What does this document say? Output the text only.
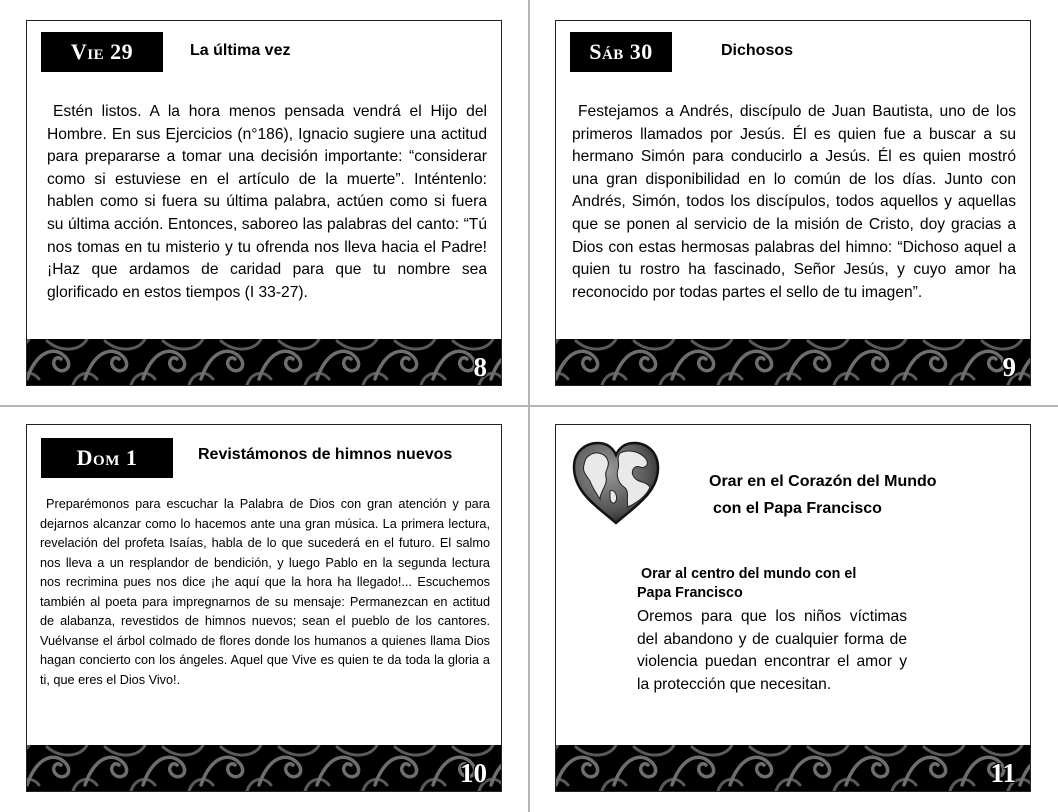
Vie 29	La última vez
Estén listos. A la hora menos pensada vendrá el Hijo del Hombre. En sus Ejercicios (n°186), Ignacio sugiere una actitud para prepararse a tomar una decisión importante: “considerar como si estuviese en el artículo de la muerte”. Inténtenlo: hablen como si fuera su última palabra, actúen como si fuera su última acción. Entonces, saboreo las palabras del canto: “Tú nos tomas en tu misterio y tu ofrenda nos lleva hacia el Padre!¡Haz que ardamos de caridad para que tu nombre sea glorificado en estos tiempos (I 33-27).
8
Sáb 30	Dichosos
Festejamos a Andrés, discípulo de Juan Bautista, uno de los primeros llamados por Jesús. Él es quien fue a buscar a su hermano Simón para conducirlo a Jesús. Él es quien mostró una gran disponibilidad en lo común de los días. Junto con Andrés, Simón, todos los discípulos, todos aquellos y aquellas que se ponen al servicio de la misión de Cristo, doy gracias a Dios con estas hermosas palabras del himno: “Dichoso aquel a quien tu rostro ha fascinado, Señor Jesús, y cuyo amor ha reconocido por todas partes el sello de tu imagen”.
9
Dom 1	Revistámonos de himnos nuevos
Preparémonos para escuchar la Palabra de Dios con gran atención y para dejarnos alcanzar como lo hacemos ante una gran música. La primera lectura, revelación del profeta Isaías, habla de lo que sucederá en el futuro. El salmo nos lleva a un resplandor de bendición, y luego Pablo en la segunda lectura nos recrimina pues nos dice ¡he aquí que la hora ha llegado!... Escuchemos también al poeta para impregnarnos de su mensaje: Permanezcan en actitud de alabanza, revestidos de himnos nuevos; sean el pueblo de los cantores. Vuélvanse el árbol colmado de flores donde los humanos a quienes llama Dios hagan concierto con los ángeles. Aquel que Vive es quien te da toda la gloria a ti, que eres el Dios Vivo!.
10
Orar en el Corazón del Mundo
con el Papa Francisco
Orar al centro del mundo con el Papa Francisco
Oremos para que los niños víctimas del abandono y de cualquier forma de violencia puedan encontrar el amor y la protección que necesitan.
11
